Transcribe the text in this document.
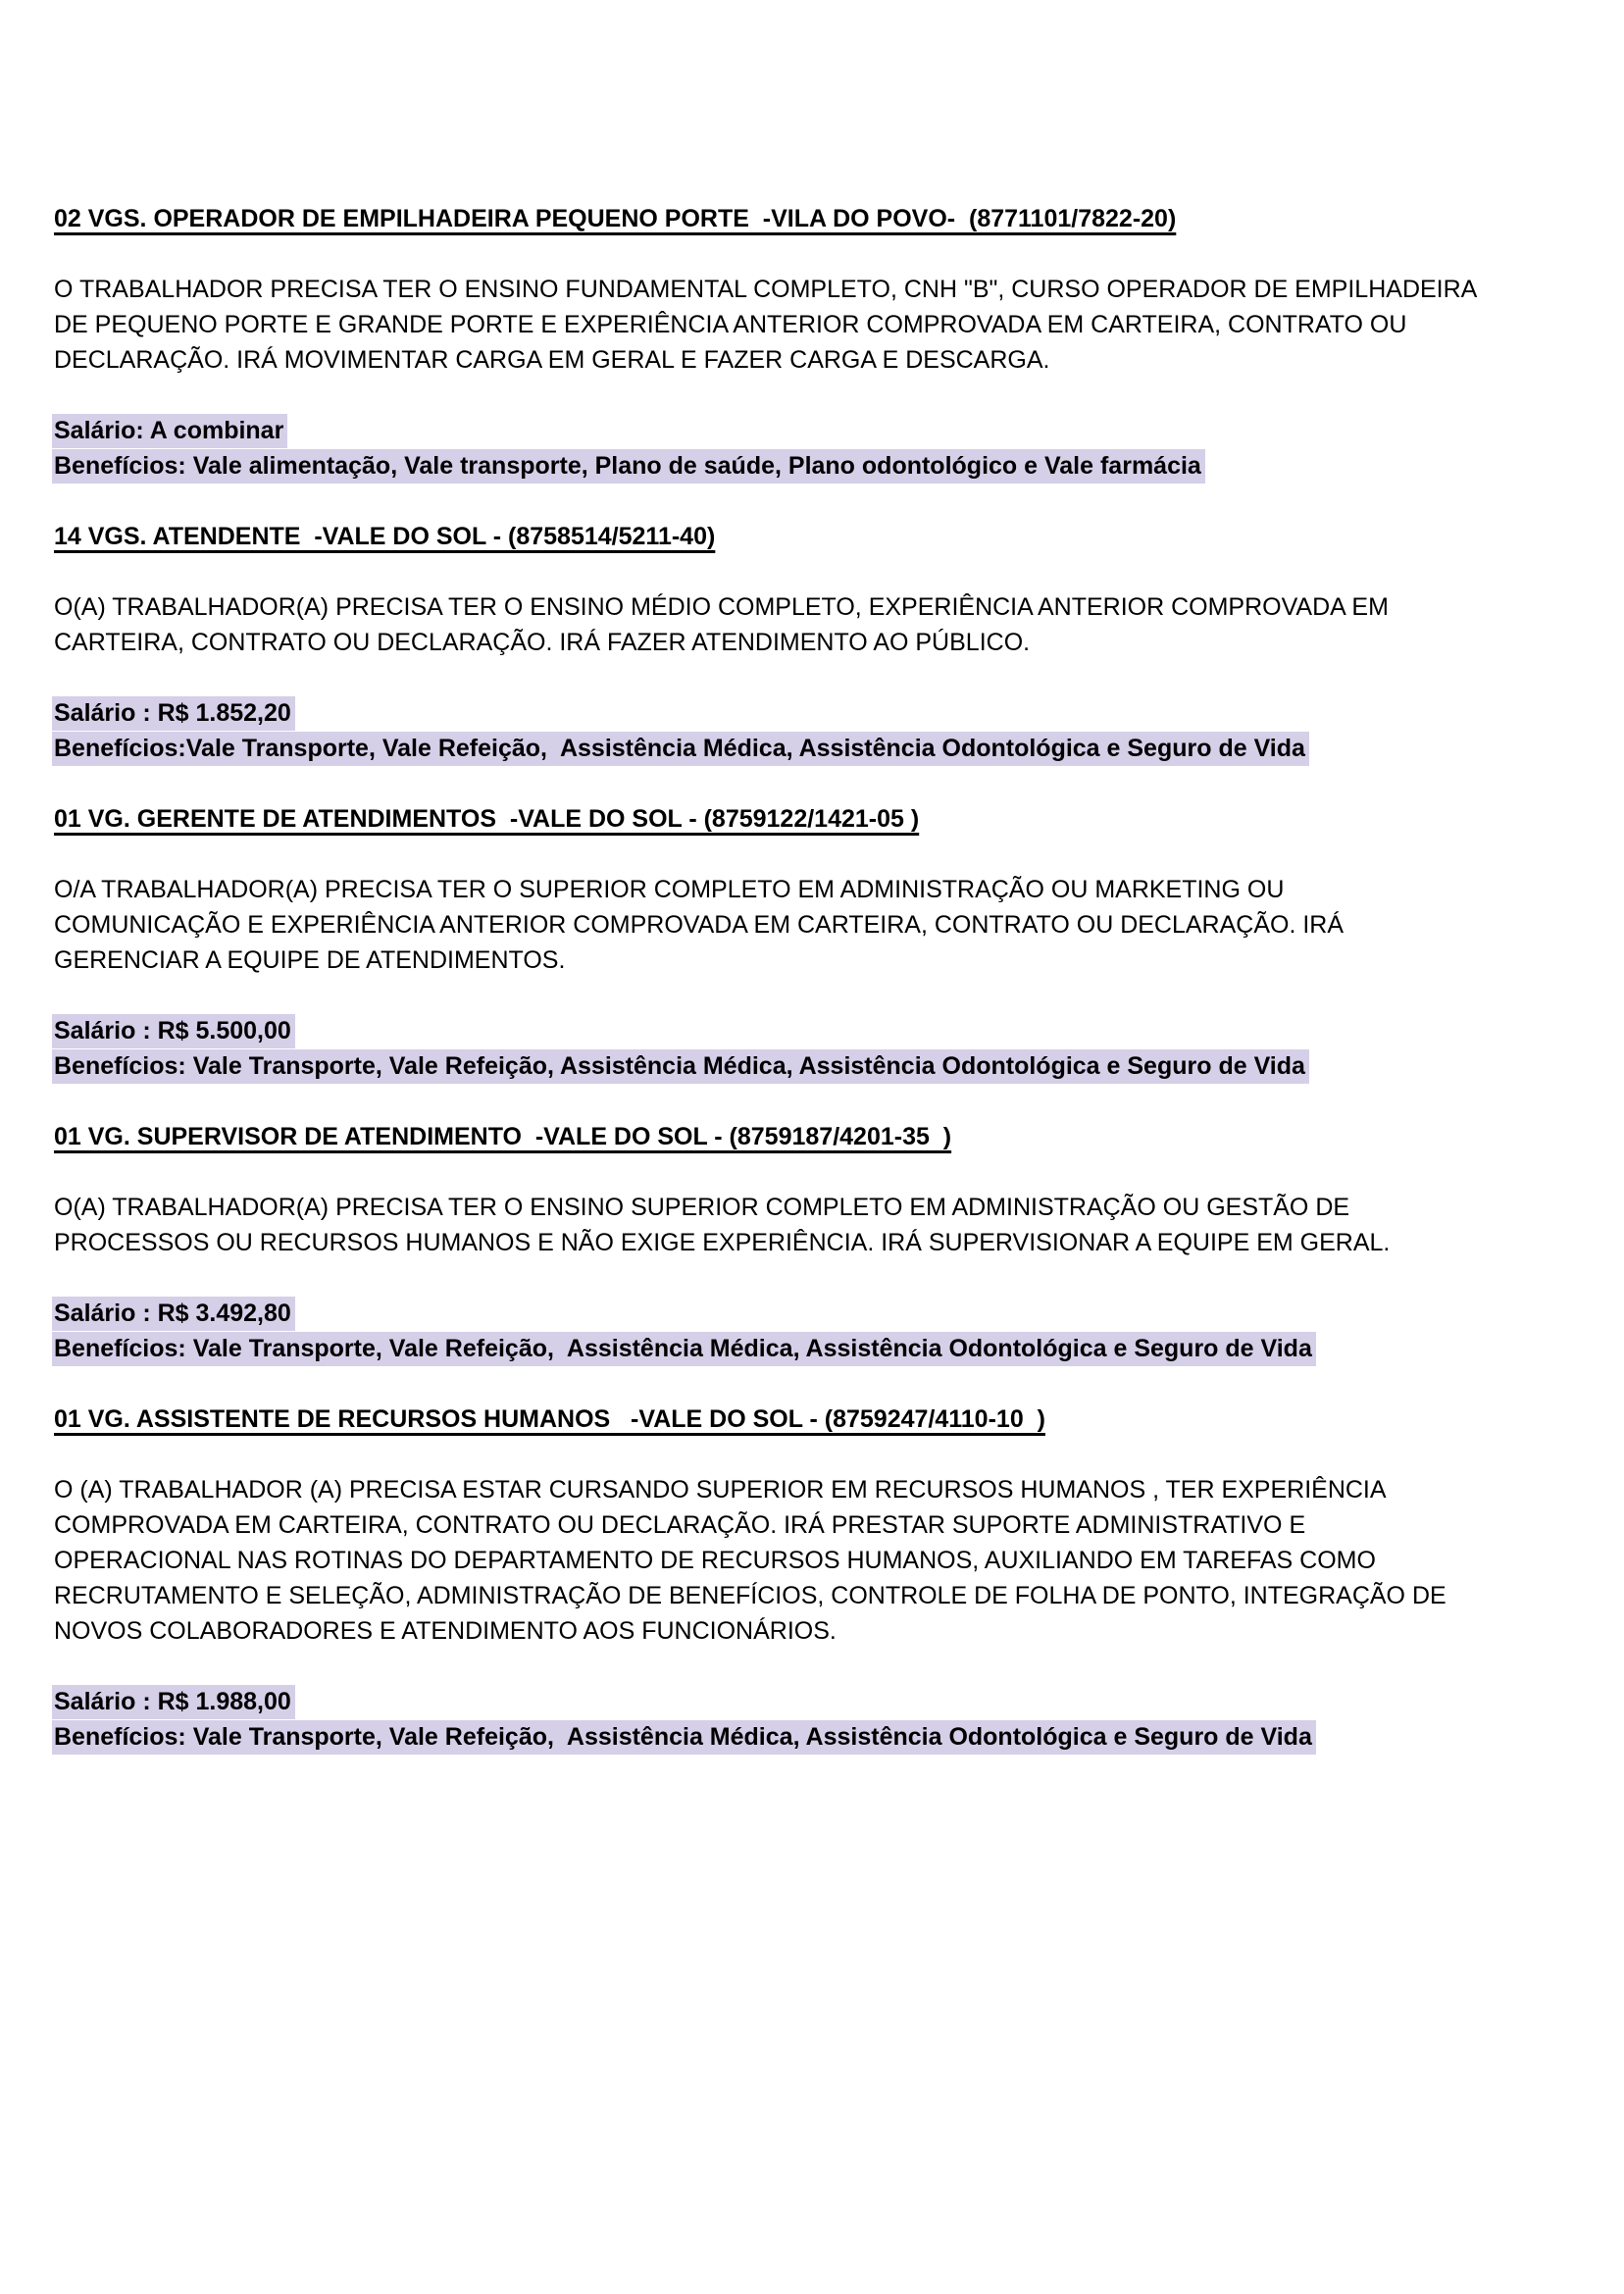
02 VGS. OPERADOR DE EMPILHADEIRA PEQUENO PORTE  -VILA DO POVO-  (8771101/7822-20)

O TRABALHADOR PRECISA TER O ENSINO FUNDAMENTAL COMPLETO, CNH "B", CURSO OPERADOR DE EMPILHADEIRA DE PEQUENO PORTE E GRANDE PORTE E EXPERIÊNCIA ANTERIOR COMPROVADA EM CARTEIRA, CONTRATO OU DECLARAÇÃO. IRÁ MOVIMENTAR CARGA EM GERAL E FAZER CARGA E DESCARGA.

Salário: A combinar
Benefícios: Vale alimentação, Vale transporte, Plano de saúde, Plano odontológico e Vale farmácia
14 VGS. ATENDENTE  -VALE DO SOL - (8758514/5211-40)

O(A) TRABALHADOR(A) PRECISA TER O ENSINO MÉDIO COMPLETO, EXPERIÊNCIA ANTERIOR COMPROVADA EM CARTEIRA, CONTRATO OU DECLARAÇÃO. IRÁ FAZER ATENDIMENTO AO PÚBLICO.

Salário : R$ 1.852,20
Benefícios:Vale Transporte, Vale Refeição,  Assistência Médica, Assistência Odontológica e Seguro de Vida
01 VG. GERENTE DE ATENDIMENTOS  -VALE DO SOL - (8759122/1421-05 )

O/A TRABALHADOR(A) PRECISA TER O SUPERIOR COMPLETO EM ADMINISTRAÇÃO OU MARKETING OU COMUNICAÇÃO E EXPERIÊNCIA ANTERIOR COMPROVADA EM CARTEIRA, CONTRATO OU DECLARAÇÃO. IRÁ GERENCIAR A EQUIPE DE ATENDIMENTOS.

Salário : R$ 5.500,00
Benefícios: Vale Transporte, Vale Refeição, Assistência Médica, Assistência Odontológica e Seguro de Vida
01 VG. SUPERVISOR DE ATENDIMENTO  -VALE DO SOL - (8759187/4201-35  )

O(A) TRABALHADOR(A) PRECISA TER O ENSINO SUPERIOR COMPLETO EM ADMINISTRAÇÃO OU GESTÃO DE PROCESSOS OU RECURSOS HUMANOS E NÃO EXIGE EXPERIÊNCIA. IRÁ SUPERVISIONAR A EQUIPE EM GERAL.

Salário : R$ 3.492,80
Benefícios: Vale Transporte, Vale Refeição,  Assistência Médica, Assistência Odontológica e Seguro de Vida
01 VG. ASSISTENTE DE RECURSOS HUMANOS   -VALE DO SOL - (8759247/4110-10  )

O (A) TRABALHADOR (A) PRECISA ESTAR CURSANDO SUPERIOR EM RECURSOS HUMANOS , TER EXPERIÊNCIA COMPROVADA EM CARTEIRA, CONTRATO OU DECLARAÇÃO. IRÁ PRESTAR SUPORTE ADMINISTRATIVO E OPERACIONAL NAS ROTINAS DO DEPARTAMENTO DE RECURSOS HUMANOS, AUXILIANDO EM TAREFAS COMO RECRUTAMENTO E SELEÇÃO, ADMINISTRAÇÃO DE BENEFÍCIOS, CONTROLE DE FOLHA DE PONTO, INTEGRAÇÃO DE NOVOS COLABORADORES E ATENDIMENTO AOS FUNCIONÁRIOS.

Salário : R$ 1.988,00
Benefícios: Vale Transporte, Vale Refeição,  Assistência Médica, Assistência Odontológica e Seguro de Vida
